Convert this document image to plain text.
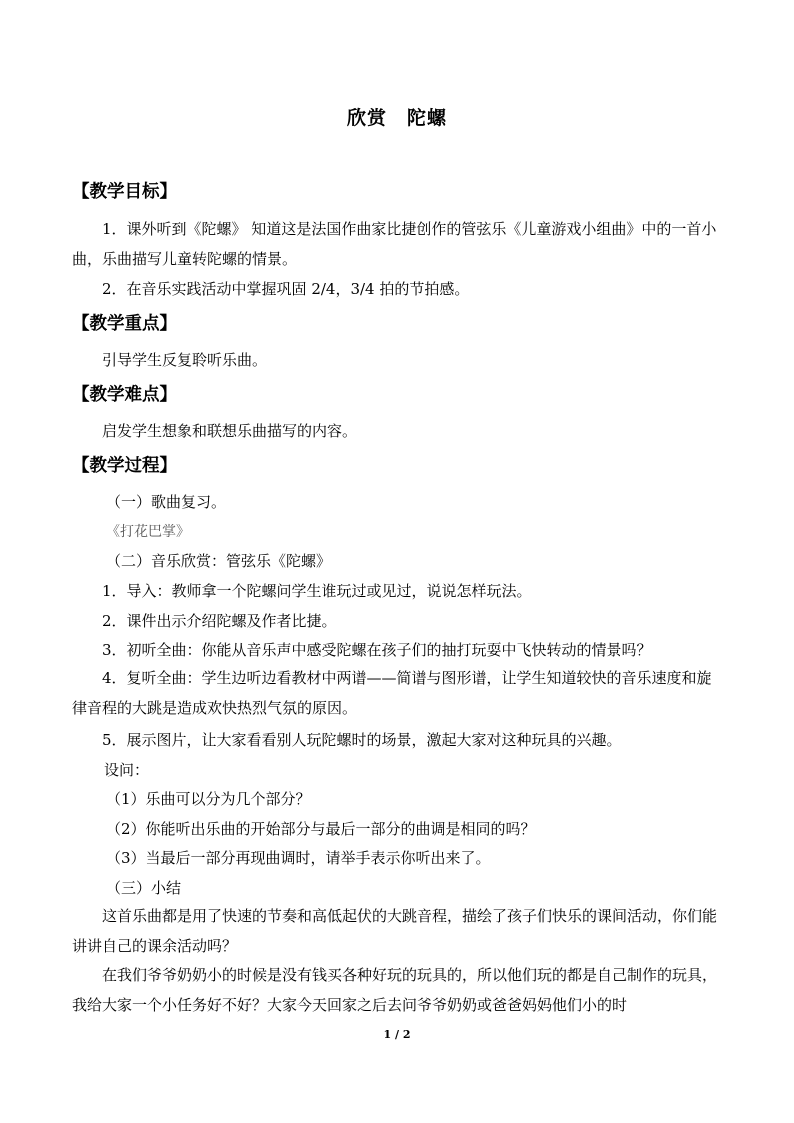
欣赏　陀螺
【教学目标】
1．课外听到《陀螺》 知道这是法国作曲家比捷创作的管弦乐《儿童游戏小组曲》中的一首小曲，乐曲描写儿童转陀螺的情景。
2．在音乐实践活动中掌握巩固 2/4，3/4 拍的节拍感。
【教学重点】
引导学生反复聆听乐曲。
【教学难点】
启发学生想象和联想乐曲描写的内容。
【教学过程】
（一）歌曲复习。
《打花巴掌》
（二）音乐欣赏：管弦乐《陀螺》
1．导入：教师拿一个陀螺问学生谁玩过或见过，说说怎样玩法。
2．课件出示介绍陀螺及作者比捷。
3．初听全曲：你能从音乐声中感受陀螺在孩子们的抽打玩耍中飞快转动的情景吗？
4．复听全曲：学生边听边看教材中两谱——简谱与图形谱，让学生知道较快的音乐速度和旋律音程的大跳是造成欢快热烈气氛的原因。
5．展示图片，让大家看看别人玩陀螺时的场景，激起大家对这种玩具的兴趣。
设问：
（1）乐曲可以分为几个部分？
（2）你能听出乐曲的开始部分与最后一部分的曲调是相同的吗？
（3）当最后一部分再现曲调时，请举手表示你听出来了。
（三）小结
这首乐曲都是用了快速的节奏和高低起伏的大跳音程，描绘了孩子们快乐的课间活动，你们能讲讲自己的课余活动吗？
在我们爷爷奶奶小的时候是没有钱买各种好玩的玩具的，所以他们玩的都是自己制作的玩具，我给大家一个小任务好不好？大家今天回家之后去问爷爷奶奶或爸爸妈妈他们小的时
1 / 2
